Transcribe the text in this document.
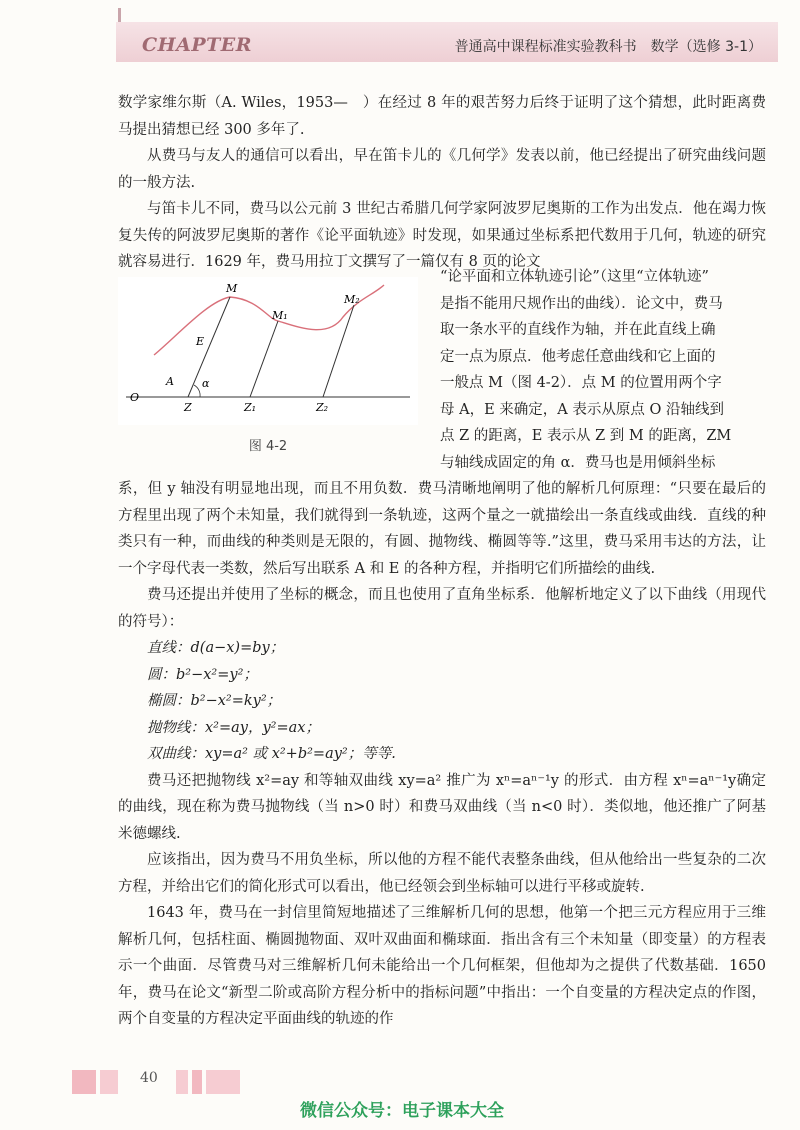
CHAPTER	普通高中课程标准实验教科书　数学（选修 3-1）

数学家维尔斯（A. Wiles，1953—　）在经过 8 年的艰苦努力后终于证明了这个猜想，此时距离费马提出猜想已经 300 多年了.

从费马与友人的通信可以看出，早在笛卡儿的《几何学》发表以前，他已经提出了研究曲线问题的一般方法.

与笛卡儿不同，费马以公元前 3 世纪古希腊几何学家阿波罗尼奥斯的工作为出发点．他在竭力恢复失传的阿波罗尼奥斯的著作《论平面轨迹》时发现，如果通过坐标系把代数用于几何，轨迹的研究就容易进行．1629 年，费马用拉丁文撰写了一篇仅有 8 页的论文

O
Z	Z₁	Z₂
M
M₁
M₂
A
E
α
图 4-2

“论平面和立体轨迹引论”（这里“立体轨迹”

是指不能用尺规作出的曲线）．论文中，费马

取一条水平的直线作为轴，并在此直线上确

定一点为原点．他考虑任意曲线和它上面的

一般点 M（图 4-2）．点 M 的位置用两个字

母 A，E 来确定，A 表示从原点 O 沿轴线到

点 Z 的距离，E 表示从 Z 到 M 的距离，ZM

与轴线成固定的角 α．费马也是用倾斜坐标

系，但 y 轴没有明显地出现，而且不用负数．费马清晰地阐明了他的解析几何原理：“只要在最后的方程里出现了两个未知量，我们就得到一条轨迹，这两个量之一就描绘出一条直线或曲线．直线的种类只有一种，而曲线的种类则是无限的，有圆、抛物线、椭圆等等.”这里，费马采用韦达的方法，让一个字母代表一类数，然后写出联系 A 和 E 的各种方程，并指明它们所描绘的曲线.

费马还提出并使用了坐标的概念，而且也使用了直角坐标系．他解析地定义了以下曲线（用现代的符号）：

直线：d(a−x)=by；

圆：b²−x²=y²；

椭圆：b²−x²=ky²；

抛物线：x²=ay，y²=ax；

双曲线：xy=a² 或 x²+b²=ay²；等等.

费马还把抛物线 x²=ay 和等轴双曲线 xy=a² 推广为 xⁿ=aⁿ⁻¹y 的形式．由方程 xⁿ=aⁿ⁻¹y确定的曲线，现在称为费马抛物线（当 n>0 时）和费马双曲线（当 n<0 时）．类似地，他还推广了阿基米德螺线.

应该指出，因为费马不用负坐标，所以他的方程不能代表整条曲线，但从他给出一些复杂的二次方程，并给出它们的简化形式可以看出，他已经领会到坐标轴可以进行平移或旋转.

1643 年，费马在一封信里简短地描述了三维解析几何的思想，他第一个把三元方程应用于三维解析几何，包括柱面、椭圆抛物面、双叶双曲面和椭球面．指出含有三个未知量（即变量）的方程表示一个曲面．尽管费马对三维解析几何未能给出一个几何框架，但他却为之提供了代数基础．1650 年，费马在论文“新型二阶或高阶方程分析中的指标问题”中指出：一个自变量的方程决定点的作图，两个自变量的方程决定平面曲线的轨迹的作

40
微信公众号：电子课本大全
